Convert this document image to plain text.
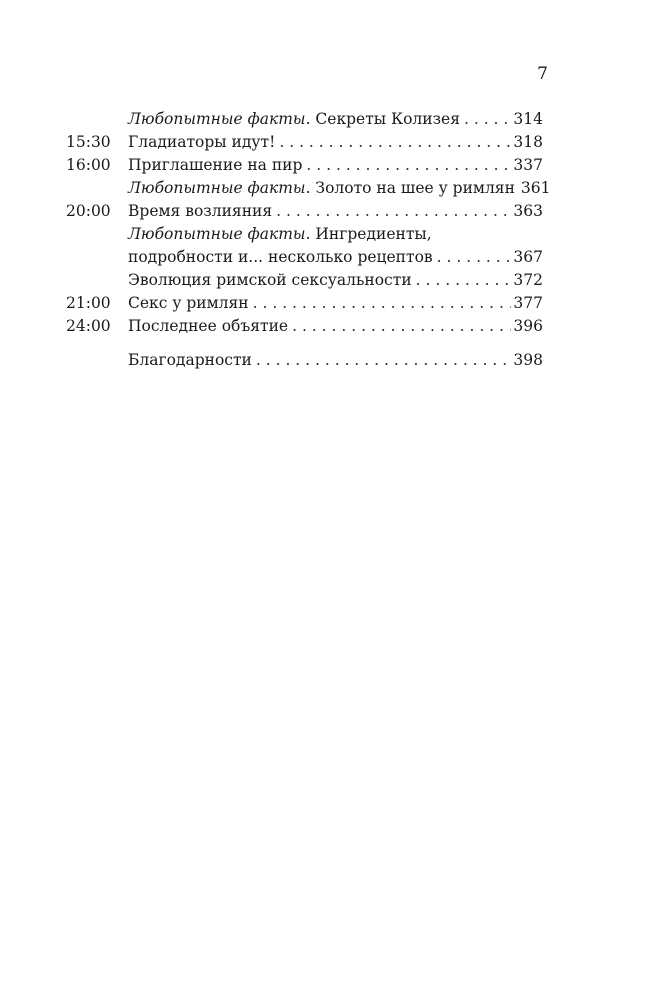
7
Любопытные факты. Секреты Колизея . . .	314
15:30	Гладиаторы идут! . . .	318
16:00	Приглашение на пир . . .	337
Любопытные факты. Золото на шее у римлян 361
20:00	Время возлияния . . .	363
Любопытные факты. Ингредиенты,
подробности и... несколько рецептов . . .	367
Эволюция римской сексуальности . . .	372
21:00	Секс у римлян . . .	377
24:00	Последнее объятие . . .	396
Благодарности . . .	398
